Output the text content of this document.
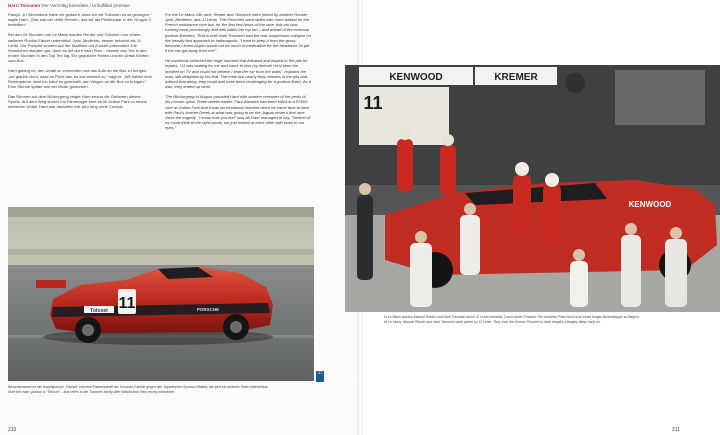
Harri Toivonen Der Vorzeitig beendete / Unfulfilled promise

Pareja. „In Silverstone habe ich gedacht, dass ich mit Toivonen es ist gelungen,“ sagte Harri. „Das war der dritte Rennen, das wir als Pilotenpaar in der Gruppe C bestritten.“

Bei den 24 Stunden von Le Mans wurden Reuter und Toivonen von einem weiteren Rookie-Fahrer unterstützt: Jyrki Järvilehto, besser bekannt als JJ Lehto. Die Porsche wurden auf der Startlinie mit Zuckerl präsentiert. Die Vorzeichen standen gut, doch es lief nicht nach Plan – obwohl das Trio in den ersten Stunden in den Top Ten lag. Ein geplatzter Reifen und ein Unfall führten zum Aus.

Harri gelang es, den Unfall zu vermeiden und das Auto an die Box zu bringen. „Ich glaube nicht, dass es Pech war, es war einfach so,“ sagt er. „Wir hatten eine Reifenpanne, aber ich habe es geschafft, den Wagen an die Box zu bringen.“ Eine Stunde später war der Motor gestorben.

Das Rennen auf dem Nürburgring zeigte Harri erneut die Gefahren dieses Sports. Auf dem Weg zurück ins Fahrerlager kam es im Oulton Park zu einem schweren Unfall. Harri war daraufhin ein Jahr lang ohne Cockpit.

For the Le Mans 24h race, Reuter and Toivonen were joined by another Rookie: Jyrki Järvilehto, aka JJ Lehto. The Porsches were laden with more ballast for the French endurance race but, for the first few hours of the race, this trio was running most promisingly and well within the top ten – and ahead of the eventual podium finishers. That is until Harri Toivonen had the rear suspension collapse on the heavily fast approach to Indianapolis. "I tried to keep it from the grass, because I knew Aspen would not be much of medication for the headache I'd get if the car got away from me!"

He somehow collected the huge moment that followed and limped to the pits for repairs. "JJ was waiting for me and came to kiss my helmet! He'd seen the incident on TV and could not believe I kept the car from the walls", explains the man, still delighted by his feat. The crew lost nearly forty minutes in the pits and, without that delay, they could well have been challenging for a podium finish. As it was, they ended up ninth.

The Nürburgring in August provided Harri with another reminder of the perils of his chosen sport. Three weeks earlier, Paul Warwick had been killed in a F3000 race at Oulton Park and it was an emotional moment when he came face-to-face with Paul's brother Derek at what was going to be the Jaguar driver's first race since the tragedy. "I know how you feel" was all Harri managed to say. "Neither of us could think of the right words, we just looked at each other with tears in our eyes."

11
Totoset	PORSCHE
Bemerkenswert ist der Hauptsponsor „Totoset“ und eine Partnerschaft der Toivonen-Familie gegen den Japanischen Sponsor Wakita, der jetzt ein anderes Team unterstützte.
Note the main sponsor is "Totoset" – that refers to the Toivonen family after Wakita took their money elsewhere.
GT
KENWOOD	KREMER
11
KENWOOD
In Le Mans wurden Manuel Reuter und Harri Toivonen durch JJ Lehto verstärkt. Das Kremer-Porsche-Trio erreichte Platz Neun trotz eines langen Boxenstopps zu Beginn.
At Le Mans, Manuel Reuter and Harri Toivonen were joined by JJ Lehto. They took the Kremer Porsche to ninth despite a lengthy delay early on.
210	211
